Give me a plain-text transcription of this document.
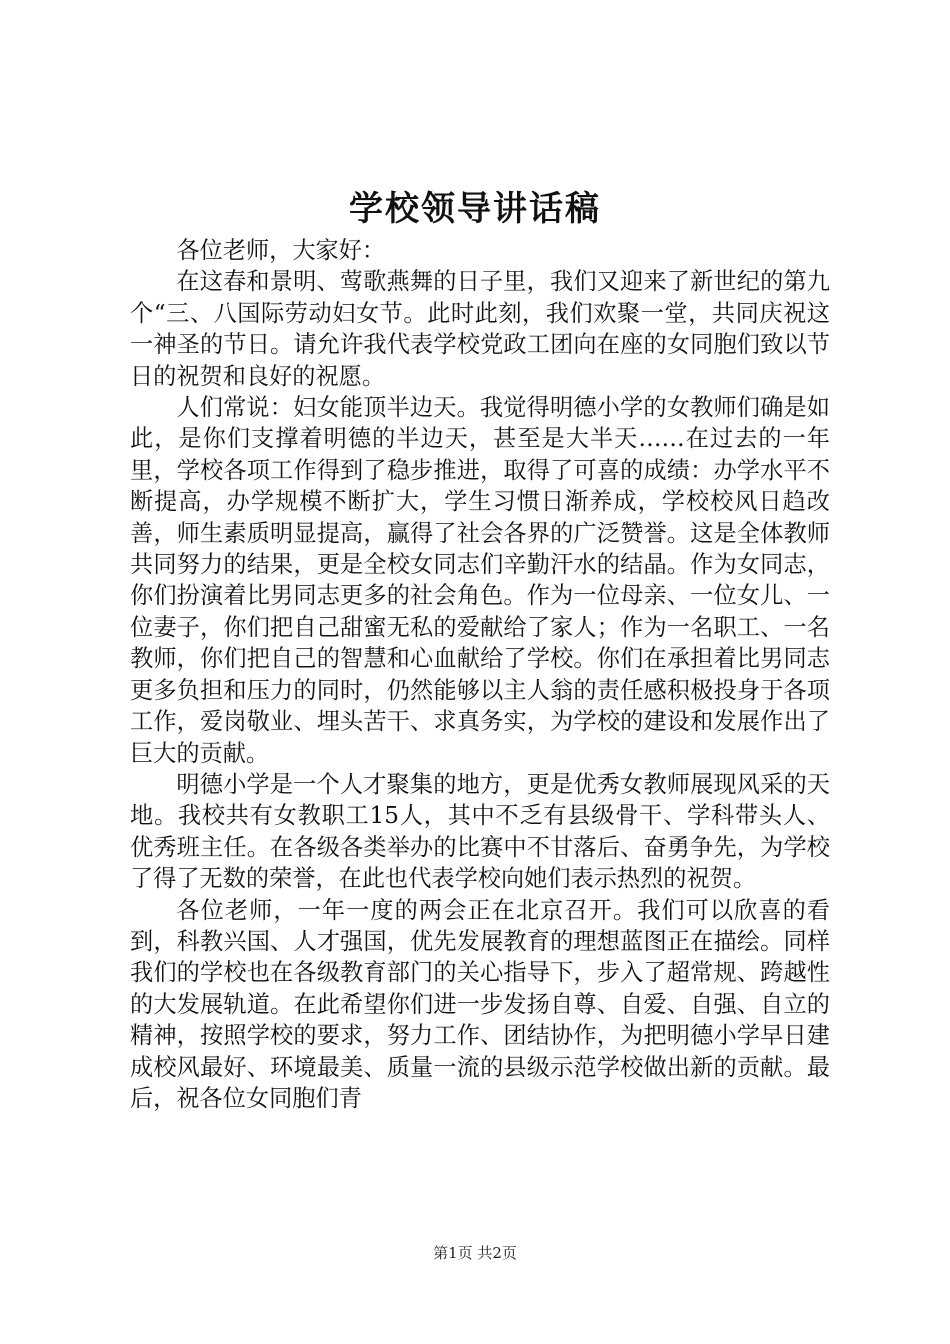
学校领导讲话稿

各位老师，大家好：

在这春和景明、莺歌燕舞的日子里，我们又迎来了新世纪的第九个“三、八国际劳动妇女节。此时此刻，我们欢聚一堂，共同庆祝这一神圣的节日。请允许我代表学校党政工团向在座的女同胞们致以节日的祝贺和良好的祝愿。

人们常说：妇女能顶半边天。我觉得明德小学的女教师们确是如此，是你们支撑着明德的半边天，甚至是大半天……在过去的一年里，学校各项工作得到了稳步推进，取得了可喜的成绩：办学水平不断提高，办学规模不断扩大，学生习惯日渐养成，学校校风日趋改善，师生素质明显提高，赢得了社会各界的广泛赞誉。这是全体教师共同努力的结果，更是全校女同志们辛勤汗水的结晶。作为女同志，你们扮演着比男同志更多的社会角色。作为一位母亲、一位女儿、一位妻子，你们把自己甜蜜无私的爱献给了家人；作为一名职工、一名教师，你们把自己的智慧和心血献给了学校。你们在承担着比男同志更多负担和压力的同时，仍然能够以主人翁的责任感积极投身于各项工作，爱岗敬业、埋头苦干、求真务实，为学校的建设和发展作出了巨大的贡献。

明德小学是一个人才聚集的地方，更是优秀女教师展现风采的天地。我校共有女教职工15人，其中不乏有县级骨干、学科带头人、优秀班主任。在各级各类举办的比赛中不甘落后、奋勇争先，为学校了得了无数的荣誉，在此也代表学校向她们表示热烈的祝贺。

各位老师，一年一度的两会正在北京召开。我们可以欣喜的看到，科教兴国、人才强国，优先发展教育的理想蓝图正在描绘。同样我们的学校也在各级教育部门的关心指导下，步入了超常规、跨越性的大发展轨道。在此希望你们进一步发扬自尊、自爱、自强、自立的精神，按照学校的要求，努力工作、团结协作，为把明德小学早日建成校风最好、环境最美、质量一流的县级示范学校做出新的贡献。最后，祝各位女同胞们青

第1页 共2页
